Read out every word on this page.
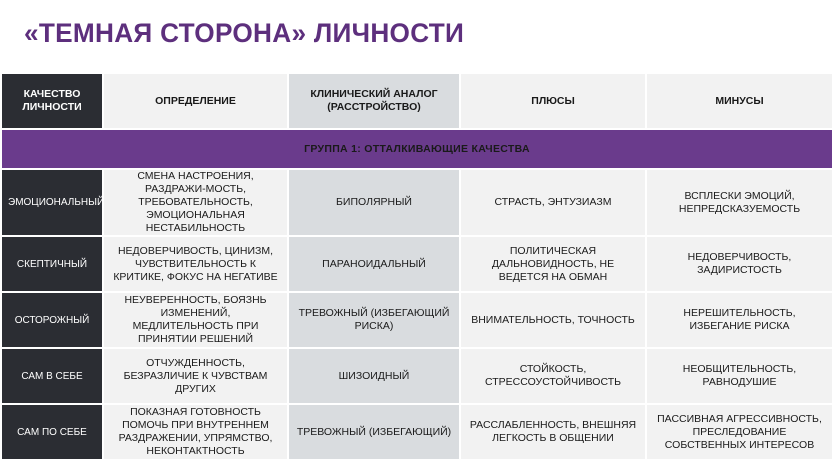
«ТЕМНАЯ СТОРОНА» ЛИЧНОСТИ
КАЧЕСТВО ЛИЧНОСТИ	ОПРЕДЕЛЕНИЕ	КЛИНИЧЕСКИЙ АНАЛОГ (РАССТРОЙСТВО)	ПЛЮСЫ	МИНУСЫ

ГРУППА 1: ОТТАЛКИВАЮЩИЕ КАЧЕСТВА				

ЭМОЦИОНАЛЬНЫЙ	СМЕНА НАСТРОЕНИЯ, РАЗДРАЖИ-МОСТЬ, ТРЕБОВАТЕЛЬНОСТЬ, ЭМОЦИОНАЛЬНАЯ НЕСТАБИЛЬНОСТЬ	БИПОЛЯРНЫЙ	СТРАСТЬ, ЭНТУЗИАЗМ	ВСПЛЕСКИ ЭМОЦИЙ, НЕПРЕДСКАЗУЕМОСТЬ

СКЕПТИЧНЫЙ	НЕДОВЕРЧИВОСТЬ, ЦИНИЗМ, ЧУВСТВИТЕЛЬНОСТЬ К КРИТИКЕ, ФОКУС НА НЕГАТИВЕ	ПАРАНОИДАЛЬНЫЙ	ПОЛИТИЧЕСКАЯ ДАЛЬНОВИДНОСТЬ, НЕ ВЕДЕТСЯ НА ОБМАН	НЕДОВЕРЧИВОСТЬ, ЗАДИРИСТОСТЬ

ОСТОРОЖНЫЙ	НЕУВЕРЕННОСТЬ, БОЯЗНЬ ИЗМЕНЕНИЙ, МЕДЛИТЕЛЬНОСТЬ ПРИ ПРИНЯТИИ РЕШЕНИЙ	ТРЕВОЖНЫЙ (ИЗБЕГАЮЩИЙ РИСКА)	ВНИМАТЕЛЬНОСТЬ, ТОЧНОСТЬ	НЕРЕШИТЕЛЬНОСТЬ, ИЗБЕГАНИЕ РИСКА

САМ В СЕБЕ	ОТЧУЖДЕННОСТЬ, БЕЗРАЗЛИЧИЕ К ЧУВСТВАМ ДРУГИХ	ШИЗОИДНЫЙ	СТОЙКОСТЬ, СТРЕССОУСТОЙЧИВОСТЬ	НЕОБЩИТЕЛЬНОСТЬ, РАВНОДУШИЕ

САМ ПО СЕБЕ	ПОКАЗНАЯ ГОТОВНОСТЬ ПОМОЧЬ ПРИ ВНУТРЕННЕМ РАЗДРАЖЕНИИ, УПРЯМСТВО, НЕКОНТАКТНОСТЬ	ТРЕВОЖНЫЙ (ИЗБЕГАЮЩИЙ)	РАССЛАБЛЕННОСТЬ, ВНЕШНЯЯ ЛЕГКОСТЬ В ОБЩЕНИИ	ПАССИВНАЯ АГРЕССИВНОСТЬ, ПРЕСЛЕДОВАНИЕ СОБСТВЕННЫХ ИНТЕРЕСОВ
